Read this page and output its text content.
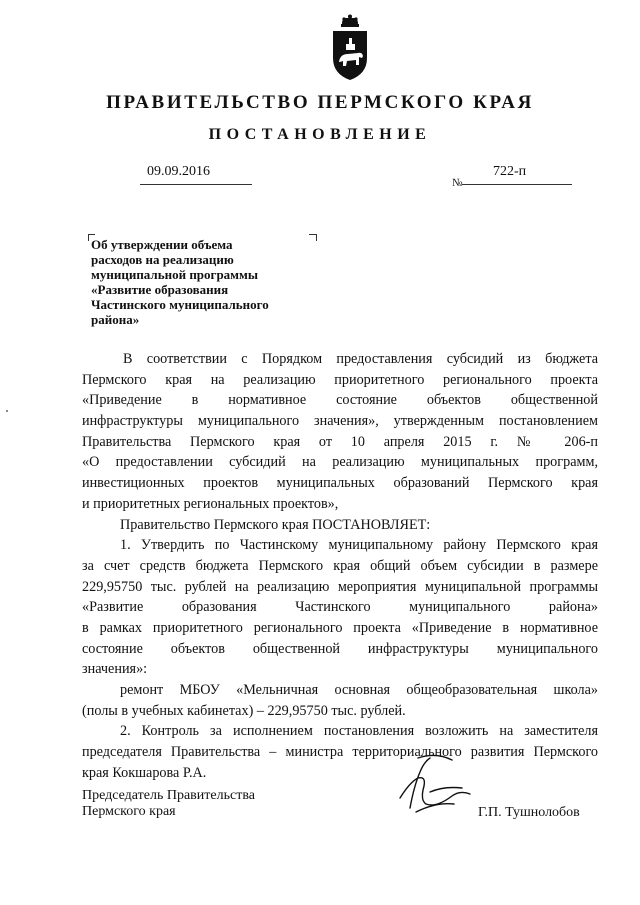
ПРАВИТЕЛЬСТВО ПЕРМСКОГО КРАЯ
ПОСТАНОВЛЕНИЕ
09.09.2016
№
722-п
Об утверждении объема
расходов на реализацию
муниципальной программы
«Развитие образования
Частинского муниципального
района»
В соответствии с Порядком предоставления субсидий из бюджета
Пермского края на реализацию приоритетного регионального проекта
«Приведение в нормативное состояние объектов общественной
инфраструктуры муниципального значения», утвержденным постановлением
Правительства Пермского края от 10 апреля 2015 г. № 206-п
«О предоставлении субсидий на реализацию муниципальных программ,
инвестиционных проектов муниципальных образований Пермского края
и приоритетных региональных проектов»,
Правительство Пермского края ПОСТАНОВЛЯЕТ:
1. Утвердить по Частинскому муниципальному району Пермского края
за счет средств бюджета Пермского края общий объем субсидии в размере
229,95750 тыс. рублей на реализацию мероприятия муниципальной программы
«Развитие образования Частинского муниципального района»
в рамках приоритетного регионального проекта «Приведение в нормативное
состояние объектов общественной инфраструктуры муниципального
значения»:
ремонт МБОУ «Мельничная основная общеобразовательная школа»
(полы в учебных кабинетах) – 229,95750 тыс. рублей.
2. Контроль за исполнением постановления возложить на заместителя
председателя Правительства – министра территориального развития Пермского
края Кокшарова Р.А.
Председатель Правительства
Пермского края	Г.П. Тушнолобов
